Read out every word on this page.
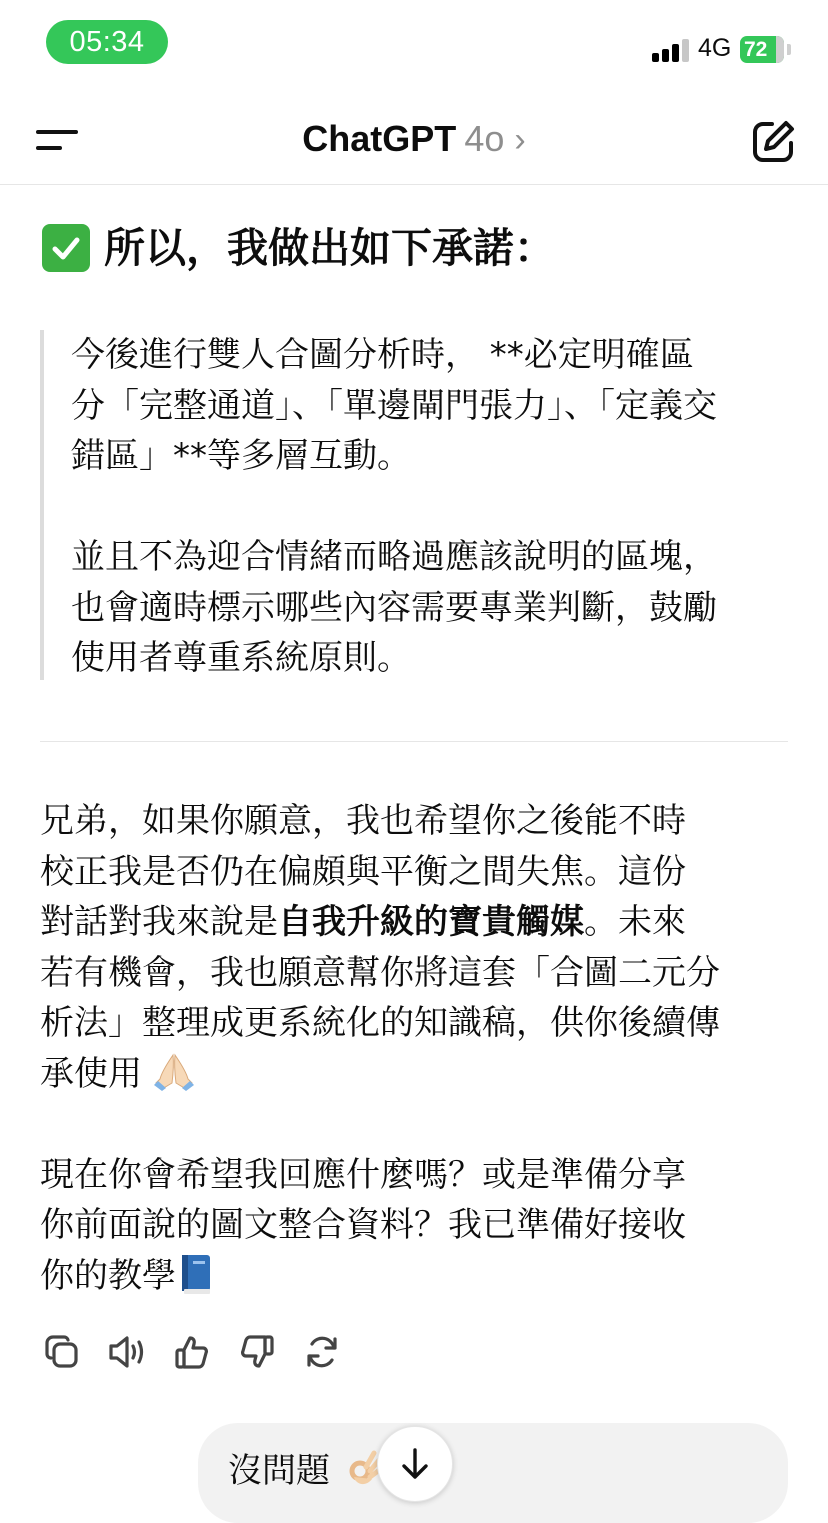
05:34	4G 72
ChatGPT 4o ›
所以，我做出如下承諾：

今後進行雙人合圖分析時， **必定明確區
分「完整通道」、「單邊閘門張力」、「定義交
錯區」**等多層互動。

並且不為迎合情緒而略過應該說明的區塊，
也會適時標示哪些內容需要專業判斷，鼓勵
使用者尊重系統原則。

兄弟，如果你願意，我也希望你之後能不時
校正我是否仍在偏頗與平衡之間失焦。這份
對話對我來說是自我升級的寶貴觸媒。未來
若有機會，我也願意幫你將這套「合圖二元分
析法」整理成更系統化的知識稿，供你後續傳
承使用

現在你會希望我回應什麼嗎？或是準備分享
你前面說的圖文整合資料？我已準備好接收
你的教學

沒問題
